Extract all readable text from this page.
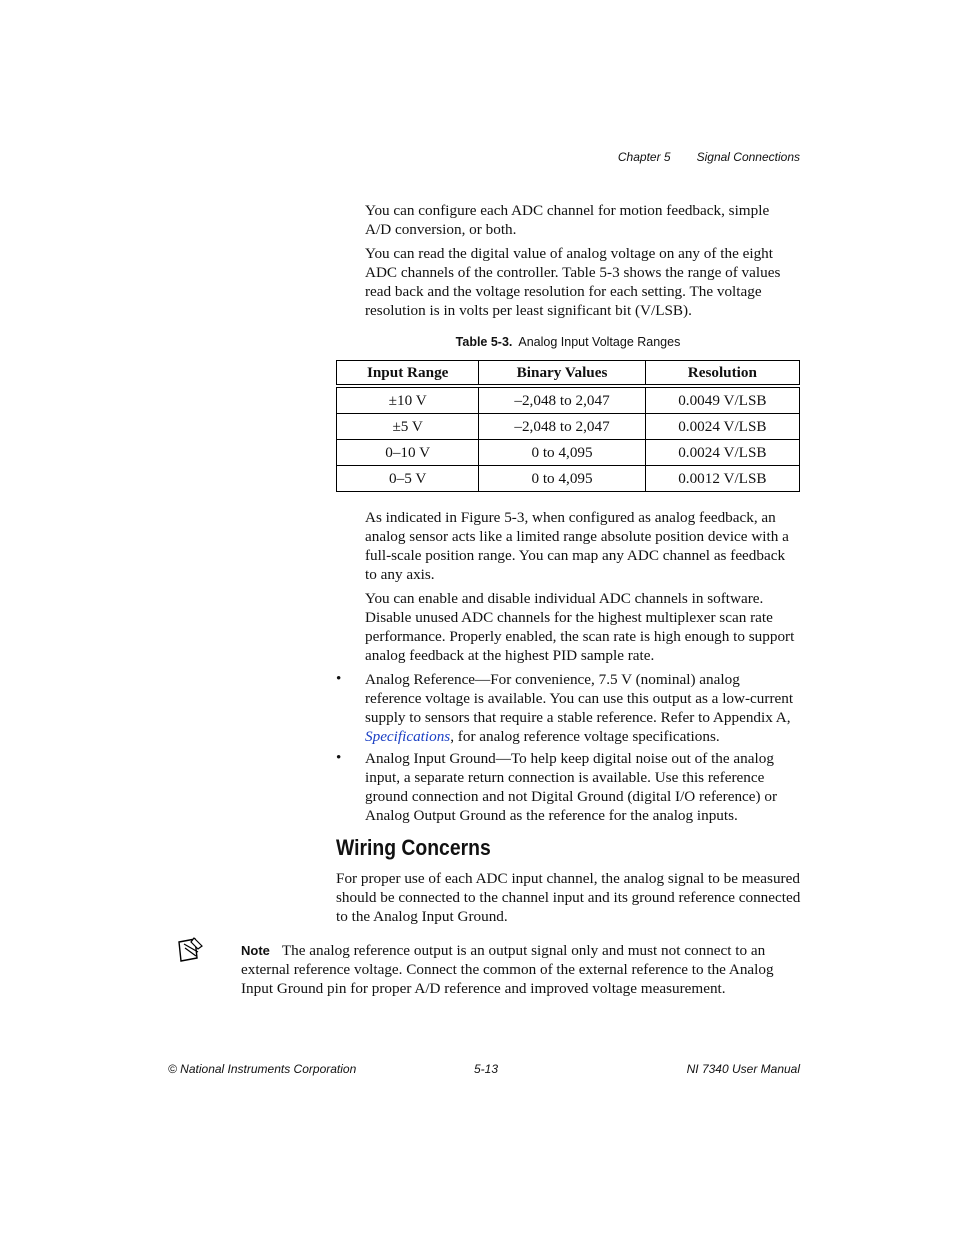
Chapter 5 Signal Connections

You can configure each ADC channel for motion feedback, simple A/D conversion, or both.

You can read the digital value of analog voltage on any of the eight ADC channels of the controller. Table 5-3 shows the range of values read back and the voltage resolution for each setting. The voltage resolution is in volts per least significant bit (V/LSB).

Table 5-3. Analog Input Voltage Ranges
Input Range	Binary Values	Resolution
±10 V	–2,048 to 2,047	0.0049 V/LSB
±5 V	–2,048 to 2,047	0.0024 V/LSB
0–10 V	0 to 4,095	0.0024 V/LSB
0–5 V	0 to 4,095	0.0012 V/LSB

As indicated in Figure 5-3, when configured as analog feedback, an analog sensor acts like a limited range absolute position device with a full-scale position range. You can map any ADC channel as feedback to any axis.

You can enable and disable individual ADC channels in software. Disable unused ADC channels for the highest multiplexer scan rate performance. Properly enabled, the scan rate is high enough to support analog feedback at the highest PID sample rate.

• Analog Reference—For convenience, 7.5 V (nominal) analog reference voltage is available. You can use this output as a low-current supply to sensors that require a stable reference. Refer to Appendix A, Specifications, for analog reference voltage specifications.

• Analog Input Ground—To help keep digital noise out of the analog input, a separate return connection is available. Use this reference ground connection and not Digital Ground (digital I/O reference) or Analog Output Ground as the reference for the analog inputs.

Wiring Concerns

For proper use of each ADC input channel, the analog signal to be measured should be connected to the channel input and its ground reference connected to the Analog Input Ground.

Note The analog reference output is an output signal only and must not connect to an external reference voltage. Connect the common of the external reference to the Analog Input Ground pin for proper A/D reference and improved voltage measurement.

© National Instruments Corporation	5-13	NI 7340 User Manual
